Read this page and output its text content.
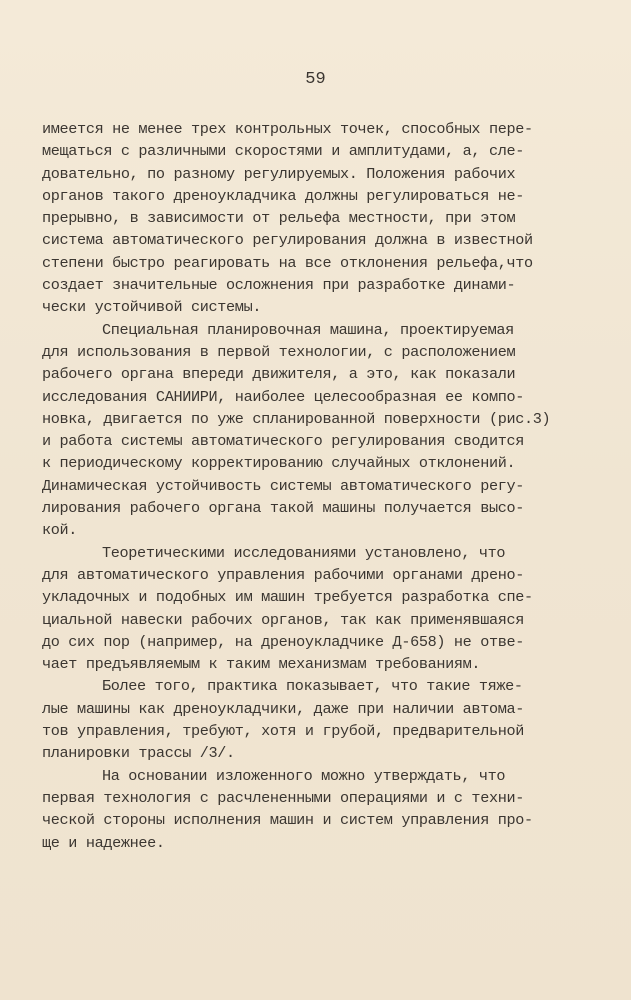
59
имеется не менее трех контрольных точек, способных пере-
мещаться с различными скоростями и амплитудами, а, сле-
довательно, по разному регулируемых. Положения рабочих
органов такого дреноукладчика должны регулироваться не-
прерывно, в зависимости от рельефа местности, при этом
система автоматического регулирования должна в известной
степени быстро реагировать на все отклонения рельефа,что
создает значительные осложнения при разработке динами-
чески устойчивой системы.
Специальная планировочная машина, проектируемая
для использования в первой технологии, с расположением
рабочего органа впереди движителя, а это, как показали
исследования САНИИРИ, наиболее целесообразная ее компо-
новка, двигается по уже спланированной поверхности (рис.3)
и работа системы автоматического регулирования сводится
к периодическому корректированию случайных отклонений.
Динамическая устойчивость системы автоматического регу-
лирования рабочего органа такой машины получается высо-
кой.
Теоретическими исследованиями установлено, что
для автоматического управления рабочими органами дрено-
укладочных и подобных им машин требуется разработка спе-
циальной навески рабочих органов, так как применявшаяся
до сих пор (например, на дреноукладчике Д-658) не отве-
чает предъявляемым к таким механизмам требованиям.
Более того, практика показывает, что такие тяже-
лые машины как дреноукладчики, даже при наличии автома-
тов управления, требуют, хотя и грубой, предварительной
планировки трассы /3/.
На основании изложенного можно утверждать, что
первая технология с расчлененными операциями и с техни-
ческой стороны исполнения машин и систем управления про-
ще и надежнее.
